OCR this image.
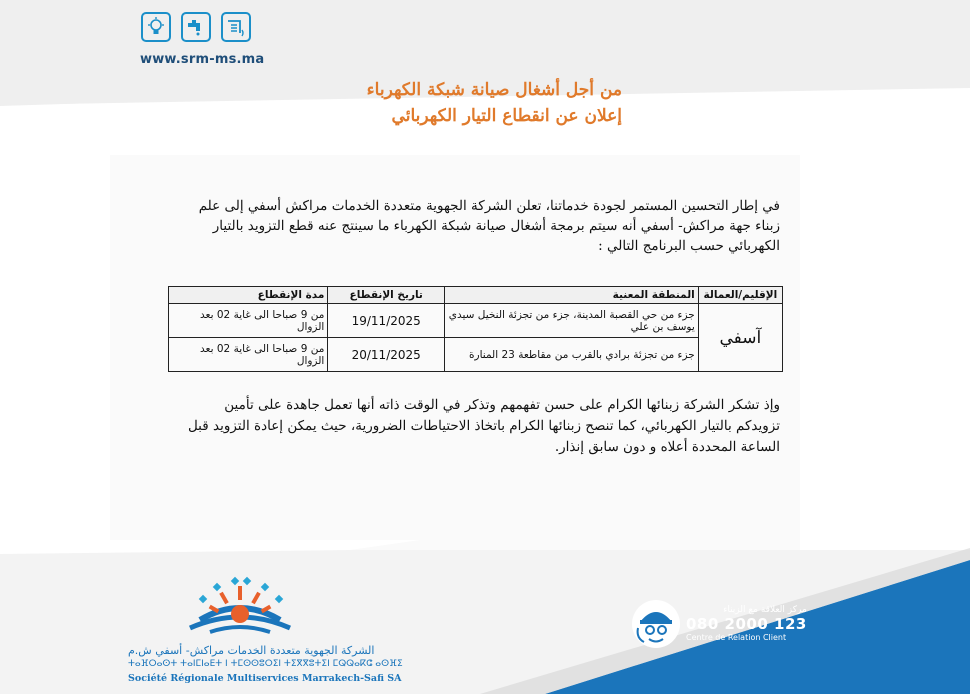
www.srm-ms.ma
من أجل أشغال صيانة شبكة الكهرباء
إعلان عن انقطاع التيار الكهربائي
في إطار التحسين المستمر لجودة خدماتنا، تعلن الشركة الجهوية متعددة الخدمات مراكش أسفي إلى علم زبناء جهة مراكش- أسفي أنه سيتم برمجة أشغال صيانة شبكة الكهرباء ما سينتج عنه قطع التزويد بالتيار الكهربائي حسب البرنامج التالي :
الإقليم/العمالة	المنطقة المعنية	تاريخ الإنقطاع	مدة الإنقطاع
آسفي	جزء من حي القصبة المدينة، جزء من تجزئة النخيل سيدي يوسف بن علي	19/11/2025	من 9 صباحا الى غاية 02 بعد الزوال
	جزء من تجزئة برادي بالقرب من مقاطعة 23 المنارة	20/11/2025	من 9 صباحا الى غاية 02 بعد الزوال
وإذ تشكر الشركة زبنائها الكرام على حسن تفهمهم وتذكر في الوقت ذاته أنها تعمل جاهدة على تأمين تزويدكم بالتيار الكهربائي، كما تنصح زبنائها الكرام باتخاذ الاحتياطات الضرورية، حيث يمكن إعادة التزويد قبل الساعة المحددة أعلاه و دون سابق إنذار.
الشركة الجهوية متعددة الخدمات مراكش- أسفي ش.م
ⵜⴰⴼⵔⴰⵙⵜ ⵜⴰⵏⵎⵏⴰⴹⵜ ⵏ ⵜⵎⵙⵙⵓⵔⵉⵏ ⵜⵉⴳⴳⵓⵜⵉⵏ ⵎⵕⵕⴰⴽⵛ ⴰⵙⴼⵉ
Société Régionale Multiservices Marrakech-Safi SA
مركز العلاقة مع الزبناء
080 2000 123
Centre de Relation Client
